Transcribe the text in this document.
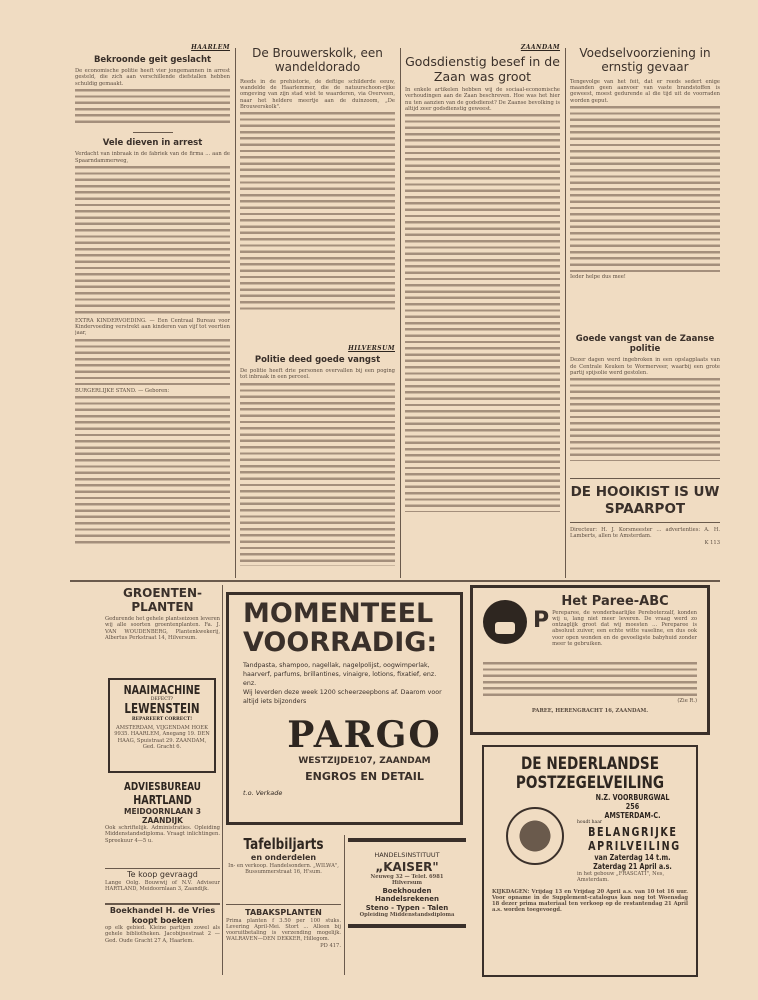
HAARLEM
Bekroonde geit geslacht
De economische politie heeft vier jongemannen in arrest gesteld, die zich aan verschillende diefstallen hebben schuldig gemaakt.
Vele dieven in arrest
Verdacht van inbraak in de fabriek van de firma ... aan de Spaarndammerweg,
EXTRA KINDERVOEDING. — Een Centraal Bureau voor Kindervoeding verstrekt aan kinderen van vijf tot veertien jaar,
BURGERLIJKE STAND. — Geboren:
De Brouwerskolk, een wandeldorado
Reeds in de prehistorie, de deftige schilderde eeuw, wandelde de Haarlemmer, die de natuurschoon-rijke omgeving van zijn stad wist te waarderen, via Overveen, naar het heldere meertje aan de duinzoom, „De Brouwerskolk".
HILVERSUM
Politie deed goede vangst
De politie heeft drie personen overvallen bij een poging tot inbraak in een perceel.
ZAANDAM
Godsdienstig besef in de Zaan was groot
In enkele artikelen hebben wij de sociaal-economische verhoudingen aan de Zaan beschreven. Hoe was het hier nu ten aanzien van de godsdienst? De Zaanse bevolking is altijd zeer godsdienstig geweest.
Voedselvoorziening in ernstig gevaar
Tengevolge van het feit, dat er reeds sedert enige maanden geen aanvoer van vaste brandstoffen is geweest, moest gedurende al die tijd uit de voorraden worden geput.
Ieder helpe dus mee!
Goede vangst van de Zaanse politie
Dezer dagen werd ingebroken in een opslagplaats van de Centrale Keuken te Wormerveer, waarbij een grote partij spijsolie werd gestolen.
DE HOOIKIST IS UW SPAARPOT
Directeur: H. J. Korsmeester ... advertenties: A. H. Lamberts, allen te Amsterdam.
K 113
GROENTEN-PLANTEN
Gedurende het gehele plantseizoen leveren wij alle soorten groentenplanten. Fa. J. VAN WOUDENBERG, Plantenkwekerij, Albertus Perkstraat 14, Hilversum.
NAAIMACHINE
DEFECT?
LEWENSTEIN
REPAREERT CORRECT!
AMSTERDAM, VIJGENDAM HOEK 9935. HAARLEM, Anegang 19. DEN HAAG, Spuistraat 29. ZAANDAM, Ged. Gracht 6.
ADVIESBUREAU
HARTLAND
MEIDOORNLAAN 3
ZAANDIJK
Ook schriftelijk. Administraties. Opleiding Middenstandsdiploma. Vraagt inlichtingen. Spreekuur 4—5 u.
Te koop gevraagd
Lange Oolg. Bouwwij of N.V. Adviseur HARTLAND, Meidoornlaan 3, Zaandijk.
Boekhandel H. de Vries
koopt boeken
op elk gebied. Kleine partijen zowel als gehele bibliotheken. Jacobijnestraat 2 — Ged. Oude Gracht 27 A, Haarlem.
MOMENTEEL
VOORRADIG:
Tandpasta, shampoo, nagellak, nagelpolijst, oogwimperlak, haarverf, parfums, brillantines, vinaigre, lotions, fixatief, enz. enz.
Wij leverden deze week 1200 scheerzeepbons af. Daarom voor altijd iets bijzonders
PARGO
WESTZIJDE107, ZAANDAM
ENGROS EN DETAIL
t.o. Verkade
Tafelbiljarts
en onderdelen
In- en verkoop. Handelsondern. „WILWA", Bussummerstraat 16, H'sum.
TABAKSPLANTEN
Prima planten f 3.50 per 100 stuks. Levering April-Mei. Stort ... Alleen bij vooruitbetaling is verzending mogelijk. WALRAVEN—DEN DEKKER, Hillegom.
PD 417.
HANDELSINSTITUUT
„KAISER"
Neuweg 32 — Telef. 6981
Hilversum
Boekhouden
Handelsrekenen
Steno - Typen - Talen
Opleiding Middenstandsdiploma
Het Paree-ABC
P Pereparee, de wonderbaarlijke Pereboterzalf, konden wij u, lang niet meer leveren. De vraag werd zo ontzaglijk groot dat wij moesten ... Pereparee is absoluut zuiver, een echte witte vaseline, en dus ook voor open wonden en de gevoeligste babyhuid zonder meer te gebruiken.
(Zie R.)
PAREE, HERENGRACHT 16, ZAANDAM.
DE NEDERLANDSE
POSTZEGELVEILING
N.Z. VOORBURGWAL 256
AMSTERDAM-C.
houdt haar
BELANGRIJKE
APRILVEILING
van Zaterdag 14 t.m.
Zaterdag 21 April a.s.
in het gebouw „FRASCATI", Nes, Amsterdam.
KIJKDAGEN: Vrijdag 13 en Vrijdag 20 April a.s. van 10 tot 16 uur. Voor opname in de Supplement-catalogus kan nog tot Woensdag 18 dezer prima materiaal ten verkoop op de restantendag 21 April a.s. worden toegevoegd.
